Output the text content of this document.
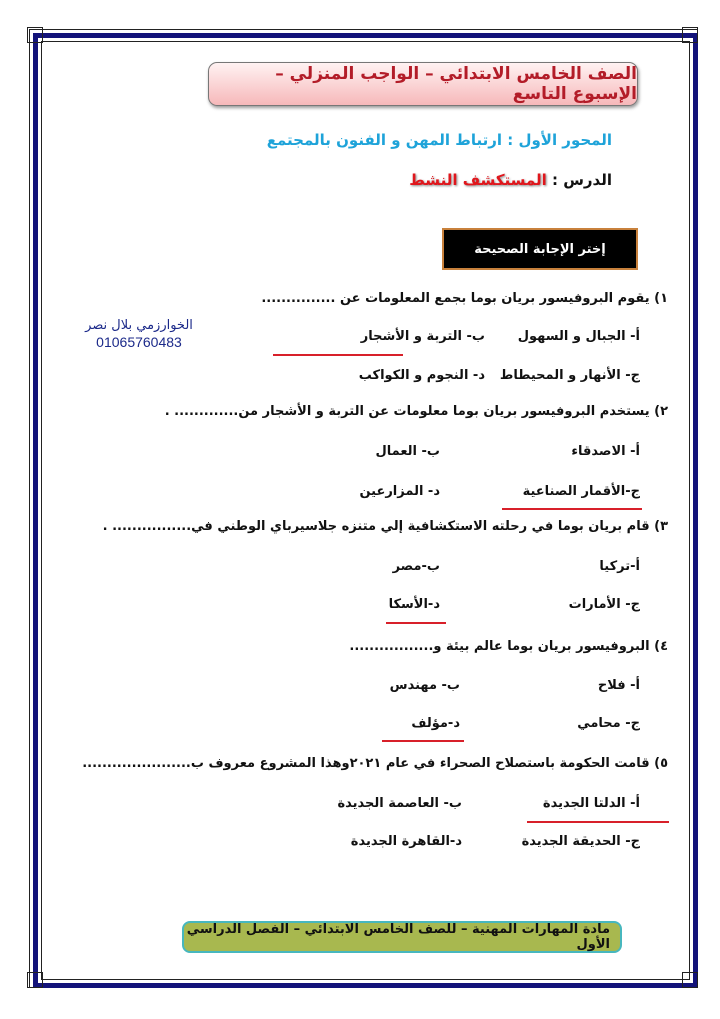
الصف الخامس الابتدائي – الواجب المنزلي – الإسبوع التاسع
المحور الأول : ارتباط المهن و الفنون بالمجتمع
الدرس : المستكشف النشط
إختر الإجابة الصحيحة
الخوارزمي بلال نصر
01065760483
١) يقوم البروفيسور بريان بوما بجمع المعلومات عن ...............
أ- الجبال و السهول
ب- التربة و الأشجار
ج- الأنهار و المحيطاط
د- النجوم و الكواكب
٢) يستخدم البروفيسور بريان بوما معلومات عن التربة و الأشجار من............. .
أ- الاصدقاء
ب- العمال
ج-الأقمار الصناعية
د- المزارعين
٣) قام بريان بوما في رحلته الاستكشافية إلي متنزه جلاسيرباي الوطني في................ .
أ-تركيا
ب-مصر
ج- الأمارات
د-الأسكا
٤) البروفيسور بريان بوما عالم بيئة و.................
أ- فلاح
ب- مهندس
ج- محامي
د-مؤلف
٥) قامت الحكومة باستصلاح الصحراء في عام ٢٠٢١وهذا المشروع معروف ب......................
أ- الدلتا الجديدة
ب- العاصمة الجديدة
ج- الحديقة الجديدة
د-القاهرة الجديدة
مادة المهارات المهنية – للصف الخامس الابتدائي – الفصل الدراسي الأول
